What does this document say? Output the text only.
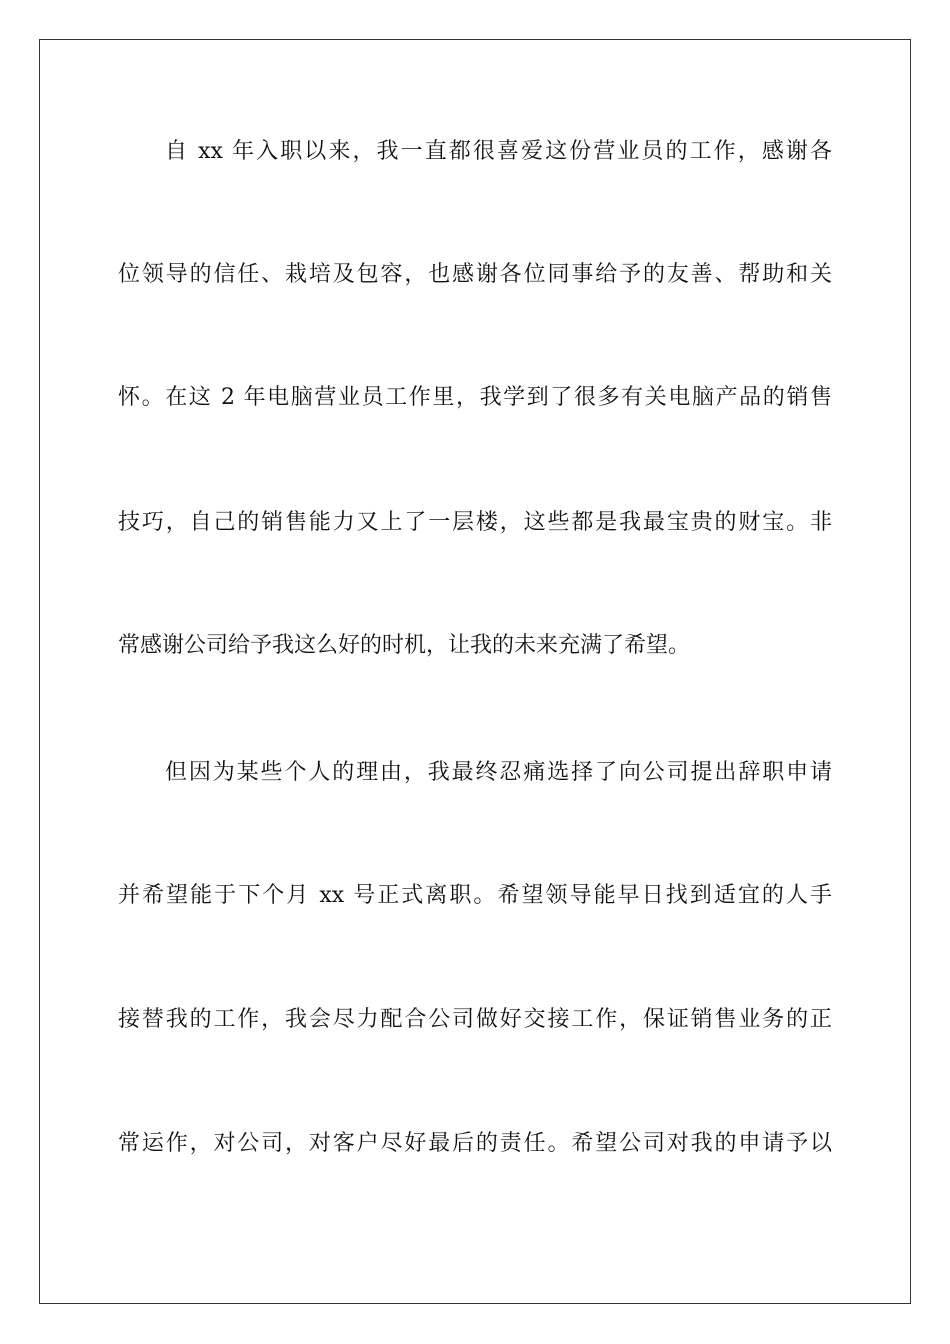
自 xx 年入职以来，我一直都很喜爱这份营业员的工作，感谢各
位领导的信任、栽培及包容，也感谢各位同事给予的友善、帮助和关
怀。在这 2 年电脑营业员工作里，我学到了很多有关电脑产品的销售
技巧，自己的销售能力又上了一层楼，这些都是我最宝贵的财宝。非
常感谢公司给予我这么好的时机，让我的未来充满了希望。
但因为某些个人的理由，我最终忍痛选择了向公司提出辞职申请
并希望能于下个月 xx 号正式离职。希望领导能早日找到适宜的人手
接替我的工作，我会尽力配合公司做好交接工作，保证销售业务的正
常运作，对公司，对客户尽好最后的责任。希望公司对我的申请予以
